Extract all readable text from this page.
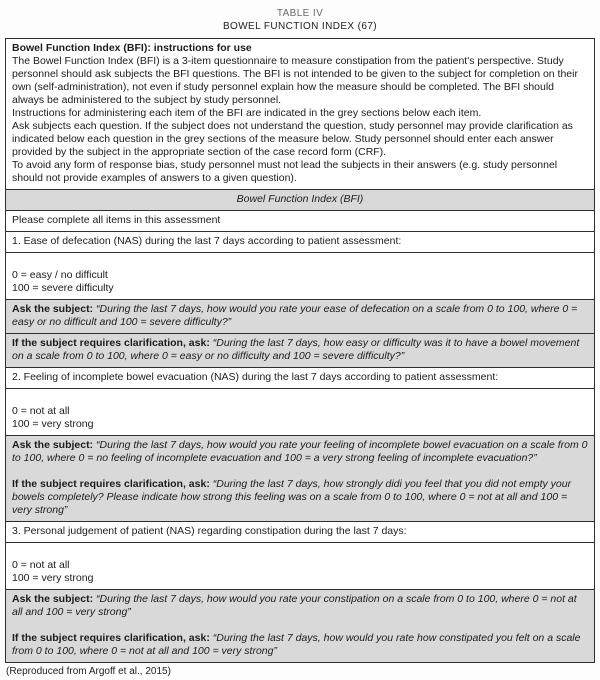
TABLE IV
BOWEL FUNCTION INDEX (67)
Bowel Function Index (BFI): instructions for use
The Bowel Function Index (BFI) is a 3-item questionnaire to measure constipation from the patient's perspective. Study personnel should ask subjects the BFI questions. The BFI is not intended to be given to the subject for completion on their own (self-administration), not even if study personnel explain how the measure should be completed. The BFI should always be administered to the subject by study personnel.
Instructions for administering each item of the BFI are indicated in the grey sections below each item.
Ask subjects each question. If the subject does not understand the question, study personnel may provide clarification as indicated below each question in the grey sections of the measure below. Study personnel should enter each answer provided by the subject in the appropriate section of the case record form (CRF).
To avoid any form of response bias, study personnel must not lead the subjects in their answers (e.g. study personnel should not provide examples of answers to a given question).
Bowel Function Index (BFI)
Please complete all items in this assessment
1. Ease of defecation (NAS) during the last 7 days according to patient assessment:
0 = easy / no difficult
100 = severe difficulty
Ask the subject: “During the last 7 days, how would you rate your ease of defecation on a scale from 0 to 100, where 0 = easy or no difficult and 100 = severe difficulty?”
If the subject requires clarification, ask: “During the last 7 days, how easy or difficulty was it to have a bowel movement on a scale from 0 to 100, where 0 = easy or no difficulty and 100 = severe difficulty?”
2. Feeling of incomplete bowel evacuation (NAS) during the last 7 days according to patient assessment:
0 = not at all
100 = very strong
Ask the subject: “During the last 7 days, how would you rate your feeling of incomplete bowel evacuation on a scale from 0 to 100, where 0 = no feeling of incomplete evacuation and 100 = a very strong feeling of incomplete evacuation?”
If the subject requires clarification, ask: “During the last 7 days, how strongly didi you feel that you did not empty your bowels completely? Please indicate how strong this feeling was on a scale from 0 to 100, where 0 = not at all and 100 = very strong”
3. Personal judgement of patient (NAS) regarding constipation during the last 7 days:
0 = not at all
100 = very strong
Ask the subject: “During the last 7 days, how would you rate your constipation on a scale from 0 to 100, where 0 = not at all and 100 = very strong”
If the subject requires clarification, ask: “During the last 7 days, how would you rate how constipated you felt on a scale from 0 to 100, where 0 = not at all and 100 = very strong”
(Reproduced from Argoff et al., 2015)
